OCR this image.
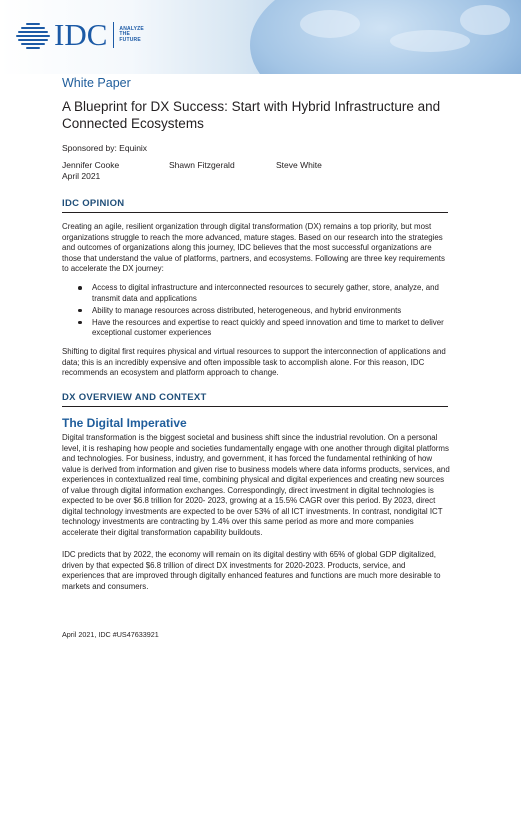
IDC ANALYZE
THE
FUTURE
White Paper
A Blueprint for DX Success: Start with Hybrid Infrastructure and Connected Ecosystems
Sponsored by: Equinix
Jennifer Cooke	Shawn Fitzgerald	Steve White
April 2021
IDC OPINION
Creating an agile, resilient organization through digital transformation (DX) remains a top priority, but most organizations struggle to reach the more advanced, mature stages. Based on our research into the strategies and outcomes of organizations along this journey, IDC believes that the most successful organizations are those that understand the value of platforms, partners, and ecosystems. Following are three key requirements to accelerate the DX journey:
Access to digital infrastructure and interconnected resources to securely gather, store, analyze, and transmit data and applications
Ability to manage resources across distributed, heterogeneous, and hybrid environments
Have the resources and expertise to react quickly and speed innovation and time to market to deliver exceptional customer experiences
Shifting to digital first requires physical and virtual resources to support the interconnection of applications and data; this is an incredibly expensive and often impossible task to accomplish alone. For this reason, IDC recommends an ecosystem and platform approach to change.
DX OVERVIEW AND CONTEXT
The Digital Imperative
Digital transformation is the biggest societal and business shift since the industrial revolution. On a personal level, it is reshaping how people and societies fundamentally engage with one another through digital platforms and technologies. For business, industry, and government, it has forced the fundamental rethinking of how value is derived from information and given rise to business models where data informs products, services, and experiences in contextualized real time, combining physical and digital experiences and creating new sources of value through digital information exchanges. Correspondingly, direct investment in digital technologies is expected to be over $6.8 trillion for 2020- 2023, growing at a 15.5% CAGR over this period. By 2023, direct digital technology investments are expected to be over 53% of all ICT investments. In contrast, nondigital ICT technology investments are contracting by 1.4% over this same period as more and more companies accelerate their digital transformation capability buildouts.
IDC predicts that by 2022, the economy will remain on its digital destiny with 65% of global GDP digitalized, driven by that expected $6.8 trillion of direct DX investments for 2020-2023. Products, service, and experiences that are improved through digitally enhanced features and functions are much more desirable to markets and consumers.
April 2021, IDC #US47633921
